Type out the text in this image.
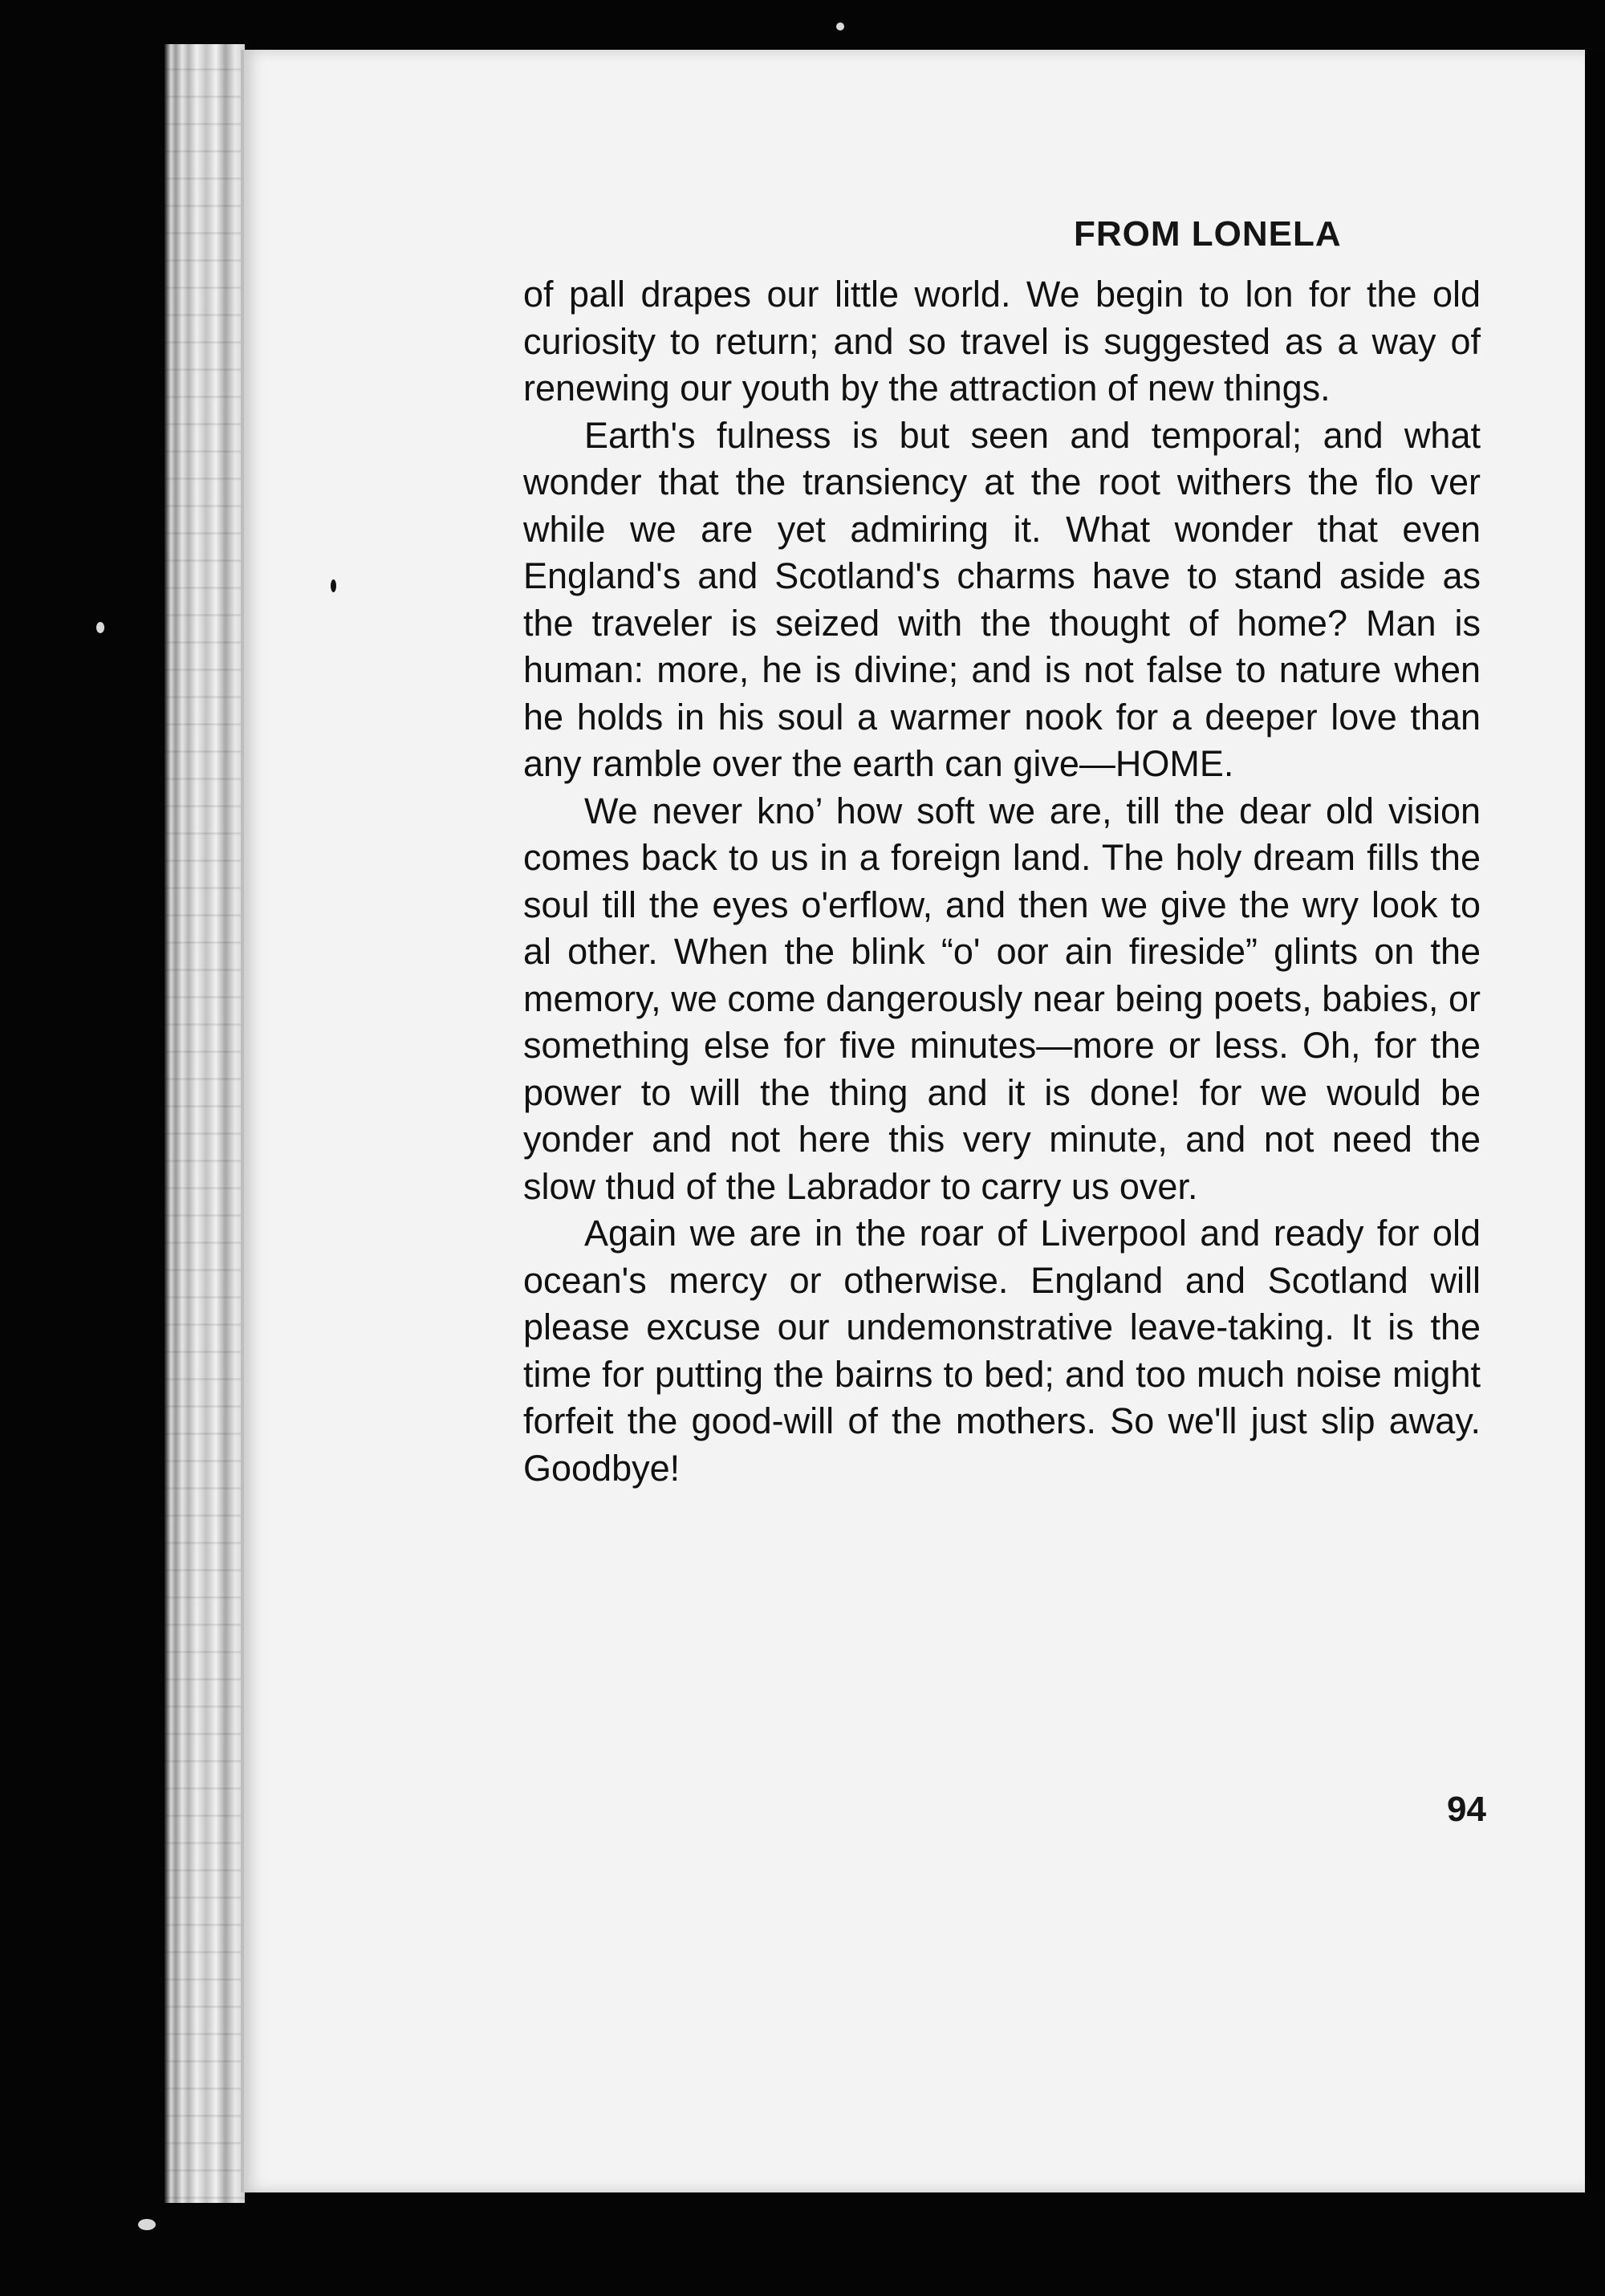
FROM LONELA

of pall drapes our little world. We begin to lon for the old curiosity to return; and so travel is suggested as a way of renewing our youth by the attraction of new things.

Earth's fulness is but seen and temporal; and what wonder that the transiency at the root withers the flo ver while we are yet admiring it. What wonder that even England's and Scotland's charms have to stand aside as the traveler is seized with the thought of home? Man is human: more, he is divine; and is not false to nature when he holds in his soul a warmer nook for a deeper love than any ramble over the earth can give—HOME.

We never kno’ how soft we are, till the dear old vision comes back to us in a foreign land. The holy dream fills the soul till the eyes o'erflow, and then we give the wry look to al other. When the blink “o' oor ain fireside” glints on the memory, we come dangerously near being poets, babies, or something else for five minutes—more or less. Oh, for the power to will the thing and it is done! for we would be yonder and not here this very minute, and not need the slow thud of the Labrador to carry us over.

Again we are in the roar of Liverpool and ready for old ocean's mercy or otherwise. England and Scotland will please excuse our undemonstrative leave-taking. It is the time for putting the bairns to bed; and too much noise might forfeit the good-will of the mothers. So we'll just slip away. Goodbye!

94
